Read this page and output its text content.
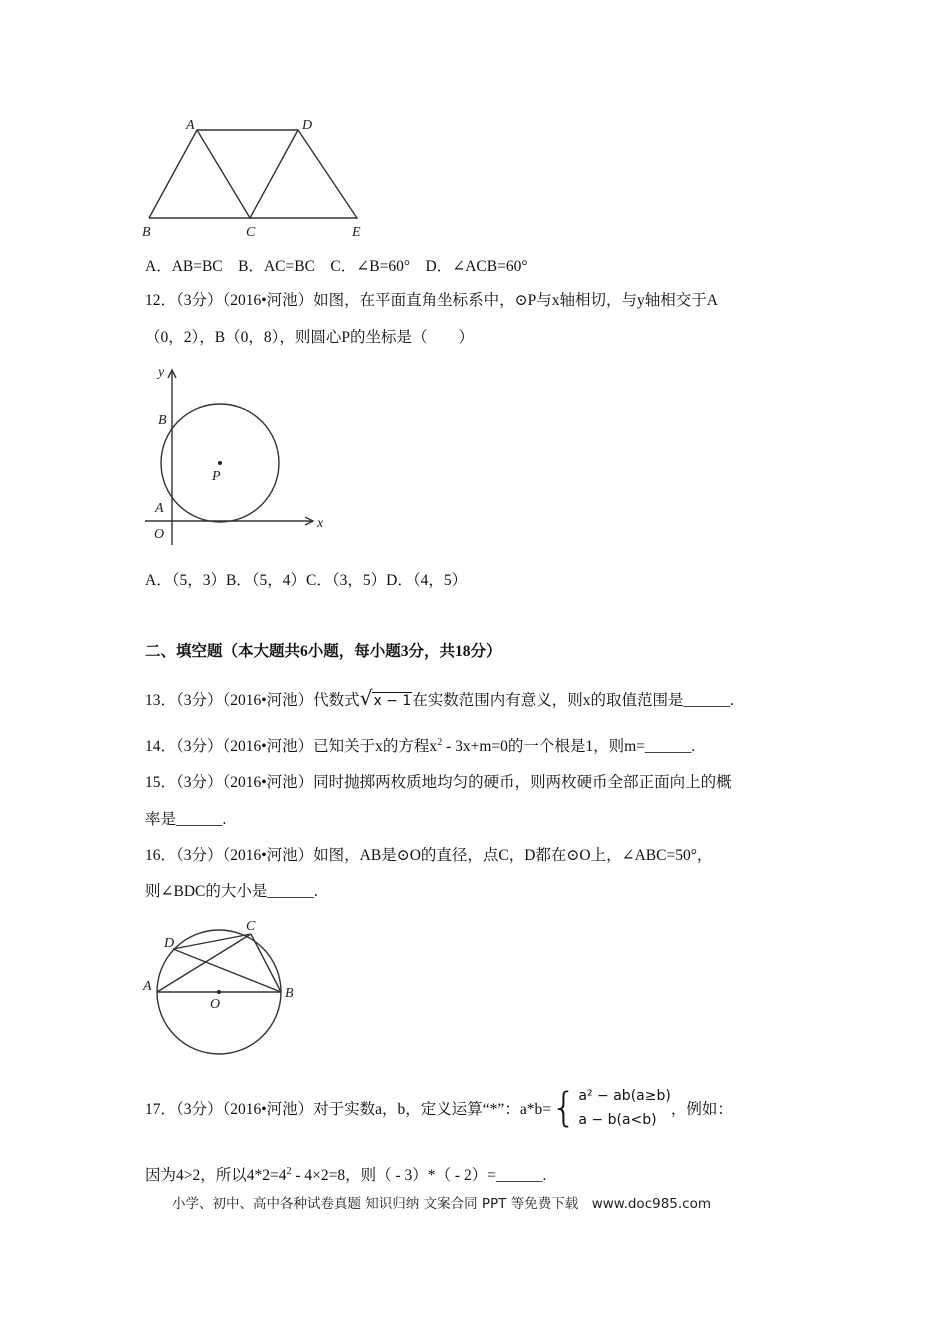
A	D
B	C	E
y
B
P
A
O
x
A	B
C
D
O
A．AB=BC　B．AC=BC　C．∠B=60°　D．∠ACB=60°
12．（3分）（2016•河池）如图，在平面直角坐标系中，⊙P与x轴相切，与y轴相交于A
（0，2），B（0，8），则圆心P的坐标是（　　）
A．（5，3）B．（5，4）C．（3，5）D．（4，5）
二、填空题（本大题共6小题，每小题3分，共18分）
13．（3分）（2016•河池）代数式√x − 1在实数范围内有意义，则x的取值范围是______.
14．（3分）（2016•河池）已知关于x的方程$x^2 - 3x+m=0$的一个根是1，则m=______.
15．（3分）（2016•河池）同时抛掷两枚质地均匀的硬币，则两枚硬币全部正面向上的概
率是______.
16．（3分）（2016•河池）如图，AB是⊙O的直径，点C，D都在⊙O上，∠ABC=50°，
则∠BDC的大小是______.
17．（3分）（2016•河池）对于实数a，b，定义运算“*”：a*b= { a² − ab(a≥b)
a − b(a<b)
，例如：
因为4>2，所以$4*2=4^2 - 4\times 2=8$，则（ - 3）*（ - 2）=______.
小学、初中、高中各种试卷真题 知识归纳 文案合同 PPT 等免费下载　www.doc985.com
